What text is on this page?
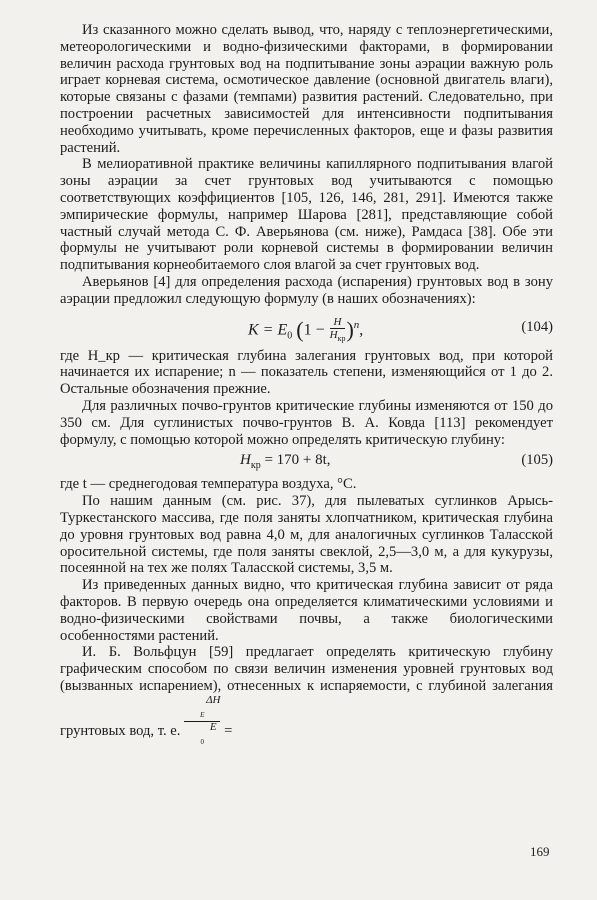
Из сказанного можно сделать вывод, что, наряду с теплоэнергетическими, метеорологическими и водно-физическими факторами, в формировании величин расхода грунтовых вод на подпитывание зоны аэрации важную роль играет корневая система, осмотическое давление (основной двигатель влаги), которые связаны с фазами (темпами) развития растений. Следовательно, при построении расчетных зависимостей для интенсивности подпитывания необходимо учитывать, кроме перечисленных факторов, еще и фазы развития растений.

В мелиоративной практике величины капиллярного подпитывания влагой зоны аэрации за счет грунтовых вод учитываются с помощью соответствующих коэффициентов [105, 126, 146, 281, 291]. Имеются также эмпирические формулы, например Шарова [281], представляющие собой частный случай метода С. Ф. Аверьянова (см. ниже), Рамдаса [38]. Обе эти формулы не учитывают роли корневой системы в формировании величин подпитывания корнеобитаемого слоя влагой за счет грунтовых вод.

Аверьянов [4] для определения расхода (испарения) грунтовых вод в зону аэрации предложил следующую формулу (в наших обозначениях):

$K = E_0$ $(1 - \frac{H}{H_{кр}} )^n$,	(104)

где H_кр — критическая глубина залегания грунтовых вод, при которой начинается их испарение; n — показатель степени, изменяющийся от 1 до 2. Остальные обозначения прежние.

Для различных почво-грунтов критические глубины изменяются от 150 до 350 см. Для суглинистых почво-грунтов В. А. Ковда [113] рекомендует формулу, с помощью которой можно определять критическую глубину:

$H_{кр} = 170 + 8t$,	(105)

где t — среднегодовая температура воздуха, °С.

По нашим данным (см. рис. 37), для пылеватых суглинков Арысь-Туркестанского массива, где поля заняты хлопчатником, критическая глубина до уровня грунтовых вод равна 4,0 м, для аналогичных суглинков Таласской оросительной системы, где поля заняты свеклой, 2,5—3,0 м, а для кукурузы, посеянной на тех же полях Таласской системы, 3,5 м.

Из приведенных данных видно, что критическая глубина зависит от ряда факторов. В первую очередь она определяется климатическими условиями и водно-физическими свойствами почвы, а также биологическими особенностями растений.

И. Б. Вольфцун [59] предлагает определять критическую глубину графическим способом по связи величин изменения уровней грунтовых вод (вызванных испарением), отнесенных к испаряемости, с глубиной залегания грунтовых вод, т. е. ΔH
$_E$
E
$_0$ =

169
